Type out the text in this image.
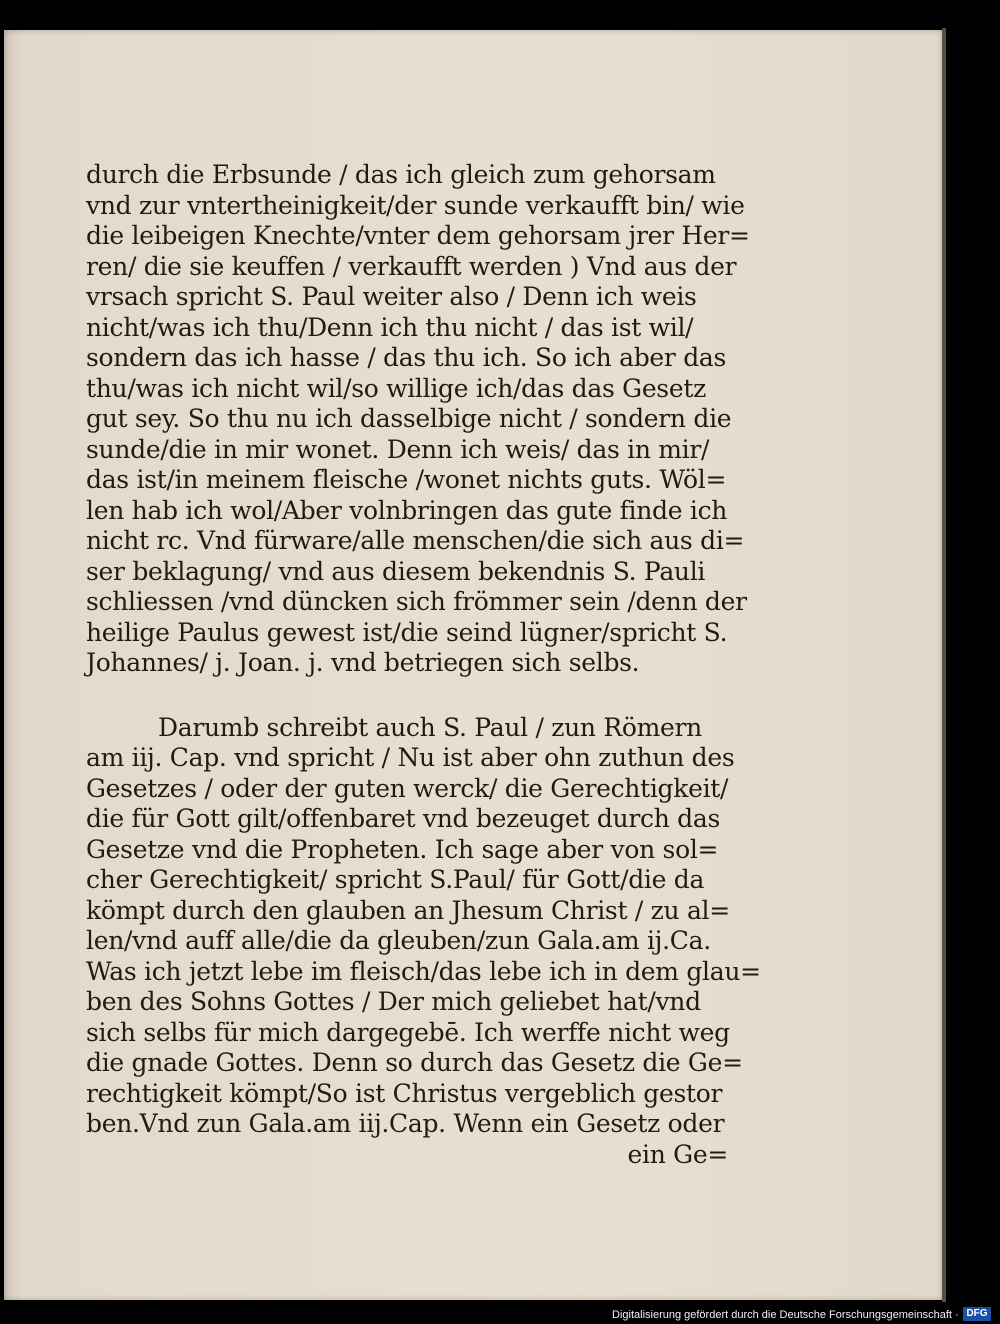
durch die Erbsunde / das ich gleich zum gehorsam
vnd zur vntertheinigkeit/der sunde verkaufft bin/ wie
die leibeigen Knechte/vnter dem gehorsam jrer Her=
ren/ die sie keuffen / verkaufft werden ) Vnd aus der
vrsach spricht S. Paul weiter also / Denn ich weis
nicht/was ich thu/Denn ich thu nicht / das ist wil/
sondern das ich hasse / das thu ich. So ich aber das
thu/was ich nicht wil/so willige ich/das das Gesetz
gut sey. So thu nu ich dasselbige nicht / sondern die
sunde/die in mir wonet. Denn ich weis/ das in mir/
das ist/in meinem fleische /wonet nichts guts. Wöl=
len hab ich wol/Aber volnbringen das gute finde ich
nicht rc. Vnd fürware/alle menschen/die sich aus di=
ser beklagung/ vnd aus diesem bekendnis S. Pauli
schliessen /vnd düncken sich frömmer sein /denn der
heilige Paulus gewest ist/die seind lügner/spricht S.
Johannes/ j. Joan. j. vnd betriegen sich selbs.
Darumb schreibt auch S. Paul / zun Römern
am iij. Cap. vnd spricht / Nu ist aber ohn zuthun des
Gesetzes / oder der guten werck/ die Gerechtigkeit/
die für Gott gilt/offenbaret vnd bezeuget durch das
Gesetze vnd die Propheten. Ich sage aber von sol=
cher Gerechtigkeit/ spricht S.Paul/ für Gott/die da
kömpt durch den glauben an Jhesum Christ / zu al=
len/vnd auff alle/die da gleuben/zun Gala.am ij.Ca.
Was ich jetzt lebe im fleisch/das lebe ich in dem glau=
ben des Sohns Gottes / Der mich geliebet hat/vnd
sich selbs für mich dargegebē. Ich werffe nicht weg
die gnade Gottes. Denn so durch das Gesetz die Ge=
rechtigkeit kömpt/So ist Christus vergeblich gestor
ben.Vnd zun Gala.am iij.Cap. Wenn ein Gesetz oder
ein Ge=
Digitalisierung gefördert durch die Deutsche Forschungsgemeinschaft · DFG
